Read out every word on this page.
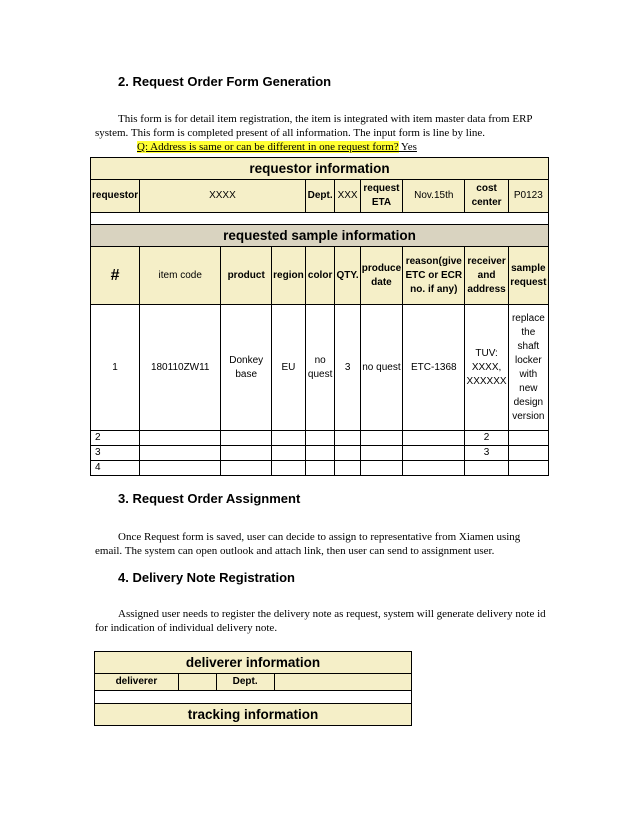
2. Request Order Form Generation
This form is for detail item registration, the item is integrated with item master data from ERP
system. This form is completed present of all information. The input form is line by line.
Q: Address is same or can be different in one request form? Yes
requestor information									
requestor	XXXX			Dept.	XXX	request ETA	Nov.15th	cost center	P0123

requested sample information									
#	item code	product	region	color	QTY.	produce date	reason(give ETC or ECR no. if any)	receiver and address	sample request
1	180110ZW11	Donkey base	EU	no quest	3	no quest	ETC-1368	TUV: XXXX, XXXXXX	replace the shaft locker with new design version
2								2	
3								3	
4									
3. Request Order Assignment
Once Request form is saved, user can decide to assign to representative from Xiamen using
email. The system can open outlook and attach link, then user can send to assignment user.
4. Delivery Note Registration
Assigned user needs to register the delivery note as request, system will generate delivery note id
for indication of individual delivery note.
deliverer information
deliverer		Dept.	

tracking information
